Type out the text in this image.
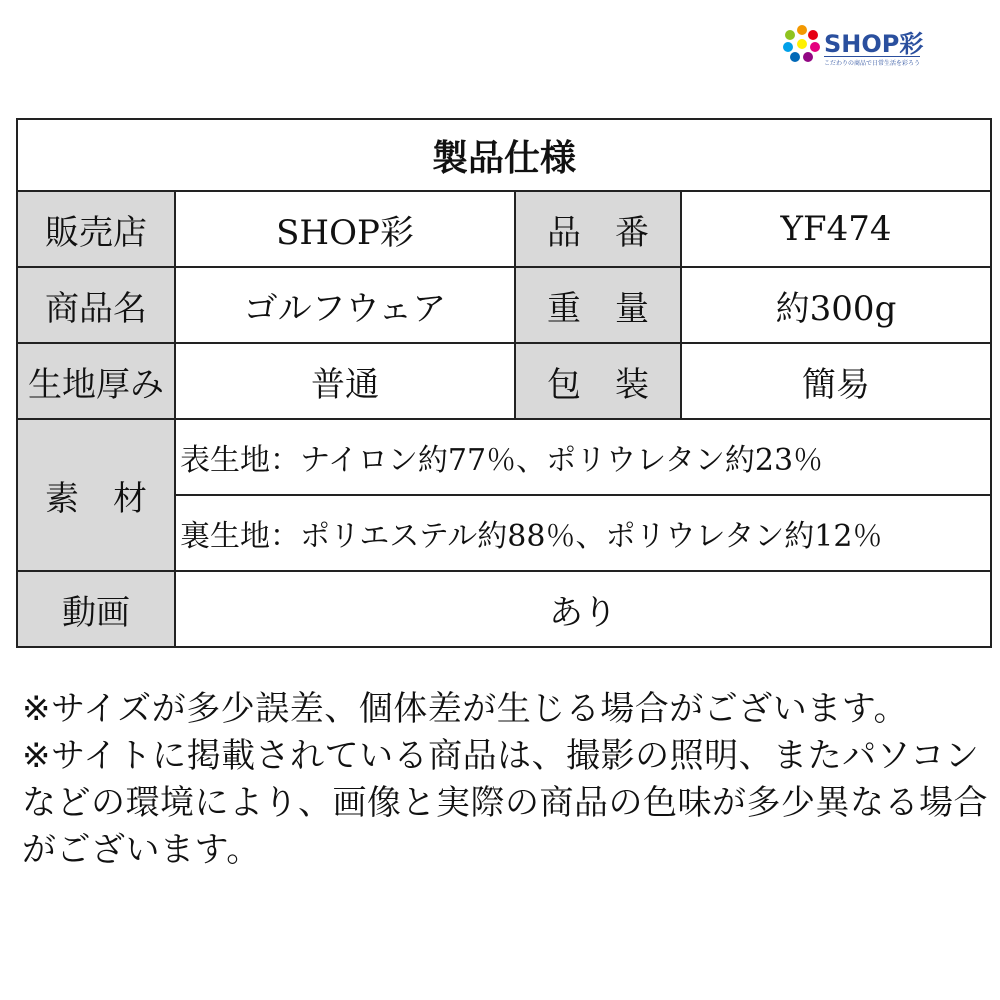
SHOP彩
こだわりの商品で日常生活を彩ろう
製品仕様			
販売店	SHOP彩	品　番	YF474
商品名	ゴルフウェア	重　量	約300g
生地厚み	普通	包　装	簡易
素　材	表生地：ナイロン約77％、ポリウレタン約23％		
	裏生地：ポリエステル約88％、ポリウレタン約12％		
動画	あり		

※サイズが多少誤差、個体差が生じる場合がございます。

※サイトに掲載されている商品は、撮影の照明、またパソコンなどの環境により、画像と実際の商品の色味が多少異なる場合がございます。
